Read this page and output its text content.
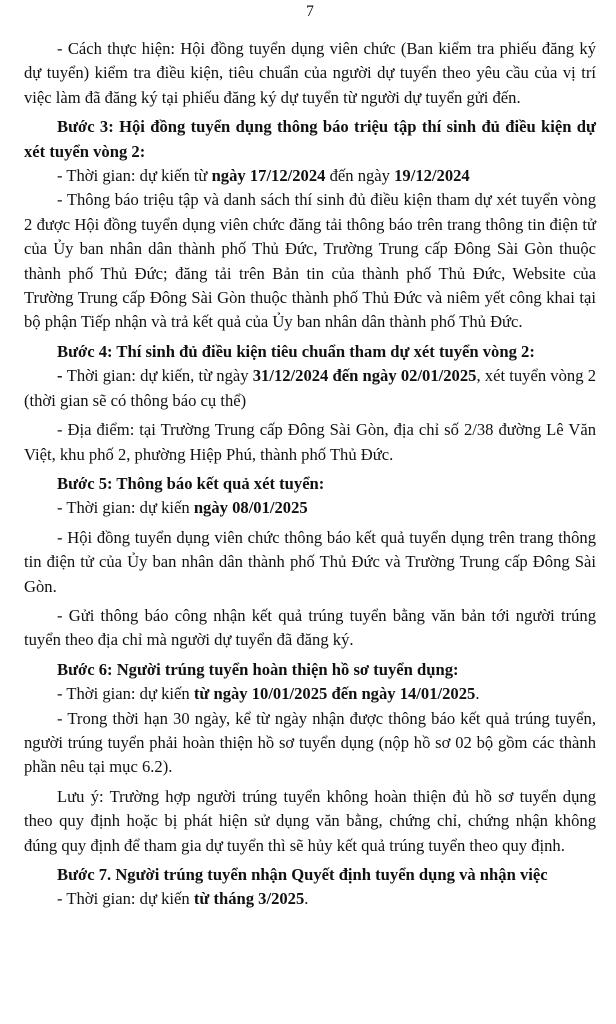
7

- Cách thực hiện: Hội đồng tuyển dụng viên chức (Ban kiểm tra phiếu đăng ký dự tuyển) kiểm tra điều kiện, tiêu chuẩn của người dự tuyển theo yêu cầu của vị trí việc làm đã đăng ký tại phiếu đăng ký dự tuyển từ người dự tuyển gửi đến.

Bước 3: Hội đồng tuyển dụng thông báo triệu tập thí sinh đủ điều kiện dự xét tuyển vòng 2:

- Thời gian: dự kiến từ ngày 17/12/2024 đến ngày 19/12/2024

- Thông báo triệu tập và danh sách thí sinh đủ điều kiện tham dự xét tuyển vòng 2 được Hội đồng tuyển dụng viên chức đăng tải thông báo trên trang thông tin điện tử của Ủy ban nhân dân thành phố Thủ Đức, Trường Trung cấp Đông Sài Gòn thuộc thành phố Thủ Đức; đăng tải trên Bản tin của thành phố Thủ Đức, Website của Trường Trung cấp Đông Sài Gòn thuộc thành phố Thủ Đức và niêm yết công khai tại bộ phận Tiếp nhận và trả kết quả của Ủy ban nhân dân thành phố Thủ Đức.

Bước 4: Thí sinh đủ điều kiện tiêu chuẩn tham dự xét tuyển vòng 2:

- Thời gian: dự kiến, từ ngày 31/12/2024 đến ngày 02/01/2025, xét tuyển vòng 2 (thời gian sẽ có thông báo cụ thể)

- Địa điểm: tại Trường Trung cấp Đông Sài Gòn, địa chỉ số 2/38 đường Lê Văn Việt, khu phố 2, phường Hiệp Phú, thành phố Thủ Đức.

Bước 5: Thông báo kết quả xét tuyển:

- Thời gian: dự kiến ngày 08/01/2025

- Hội đồng tuyển dụng viên chức thông báo kết quả tuyển dụng trên trang thông tin điện tử của Ủy ban nhân dân thành phố Thủ Đức và Trường Trung cấp Đông Sài Gòn.

- Gửi thông báo công nhận kết quả trúng tuyển bằng văn bản tới người trúng tuyển theo địa chỉ mà người dự tuyển đã đăng ký.

Bước 6: Người trúng tuyển hoàn thiện hồ sơ tuyển dụng:

- Thời gian: dự kiến từ ngày 10/01/2025 đến ngày 14/01/2025.

- Trong thời hạn 30 ngày, kể từ ngày nhận được thông báo kết quả trúng tuyển, người trúng tuyển phải hoàn thiện hồ sơ tuyển dụng (nộp hồ sơ 02 bộ gồm các thành phần nêu tại mục 6.2).

Lưu ý: Trường hợp người trúng tuyển không hoàn thiện đủ hồ sơ tuyển dụng theo quy định hoặc bị phát hiện sử dụng văn bằng, chứng chỉ, chứng nhận không đúng quy định để tham gia dự tuyển thì sẽ hủy kết quả trúng tuyển theo quy định.

Bước 7. Người trúng tuyển nhận Quyết định tuyển dụng và nhận việc

- Thời gian: dự kiến từ tháng 3/2025.
